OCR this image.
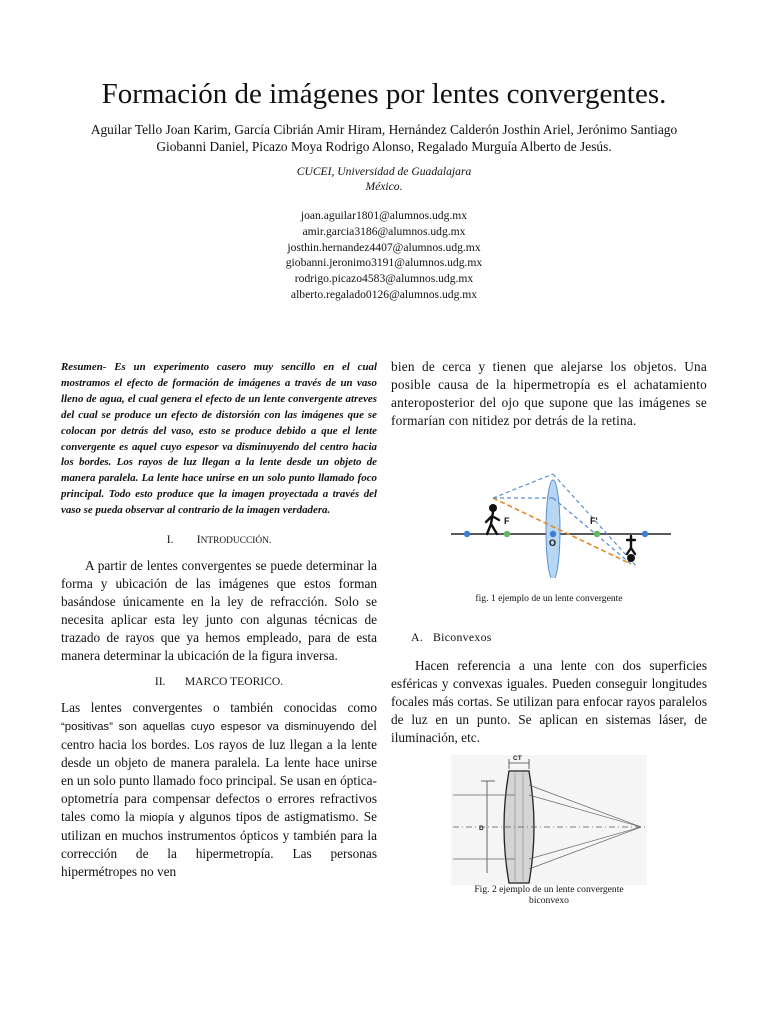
Formación de imágenes por lentes convergentes.
Aguilar Tello Joan Karim, García Cibrián Amir Hiram, Hernández Calderón Josthin Ariel, Jerónimo Santiago
Giobanni Daniel, Picazo Moya Rodrigo Alonso, Regalado Murguía Alberto de Jesús.
CUCEI, Universidad de Guadalajara
México.
joan.aguilar1801@alumnos.udg.mx
amir.garcia3186@alumnos.udg.mx
josthin.hernandez4407@alumnos.udg.mx
giobanni.jeronimo3191@alumnos.udg.mx
rodrigo.picazo4583@alumnos.udg.mx
alberto.regalado0126@alumnos.udg.mx

Resumen- Es un experimento casero muy sencillo en el cual mostramos el efecto de formación de imágenes a través de un vaso lleno de agua, el cual genera el efecto de un lente convergente atreves del cual se produce un efecto de distorsión con las imágenes que se colocan por detrás del vaso, esto se produce debido a que el lente convergente es aquel cuyo espesor va disminuyendo del centro hacia los bordes. Los rayos de luz llegan a la lente desde un objeto de manera paralela. La lente hace unirse en un solo punto llamado foco principal. Todo esto produce que la imagen proyectada a través del vaso se pueda observar al contrario de la imagen verdadera.

I. INTRODUCCIÓN.

A partir de lentes convergentes se puede determinar la forma y ubicación de las imágenes que estos forman basándose únicamente en la ley de refracción. Solo se necesita aplicar esta ley junto con algunas técnicas de trazado de rayos que ya hemos empleado, para de esta manera determinar la ubicación de la figura inversa.

II. MARCO TEORICO.

Las lentes convergentes o también conocidas como “positivas” son aquellas cuyo espesor va disminuyendo del centro hacia los bordes. Los rayos de luz llegan a la lente desde un objeto de manera paralela. La lente hace unirse en un solo punto llamado foco principal. Se usan en óptica-optometría para compensar defectos o errores refractivos tales como la miopía y algunos tipos de astigmatismo. Se utilizan en muchos instrumentos ópticos y también para la corrección de la hipermetropía. Las personas hipermétropes no ven

bien de cerca y tienen que alejarse los objetos. Una posible causa de la hipermetropía es el achatamiento anteroposterior del ojo que supone que las imágenes se formarían con nitidez por detrás de la retina.

F
O
F'

fig. 1 ejemplo de un lente convergente

A. Biconvexos

Hacen referencia a una lente con dos superficies esféricas y convexas iguales. Pueden conseguir longitudes focales más cortas. Se utilizan para enfocar rayos paralelos de luz en un punto. Se aplican en sistemas láser, de iluminación, etc.

CT
D

Fig. 2 ejemplo de un lente convergente

biconvexo
